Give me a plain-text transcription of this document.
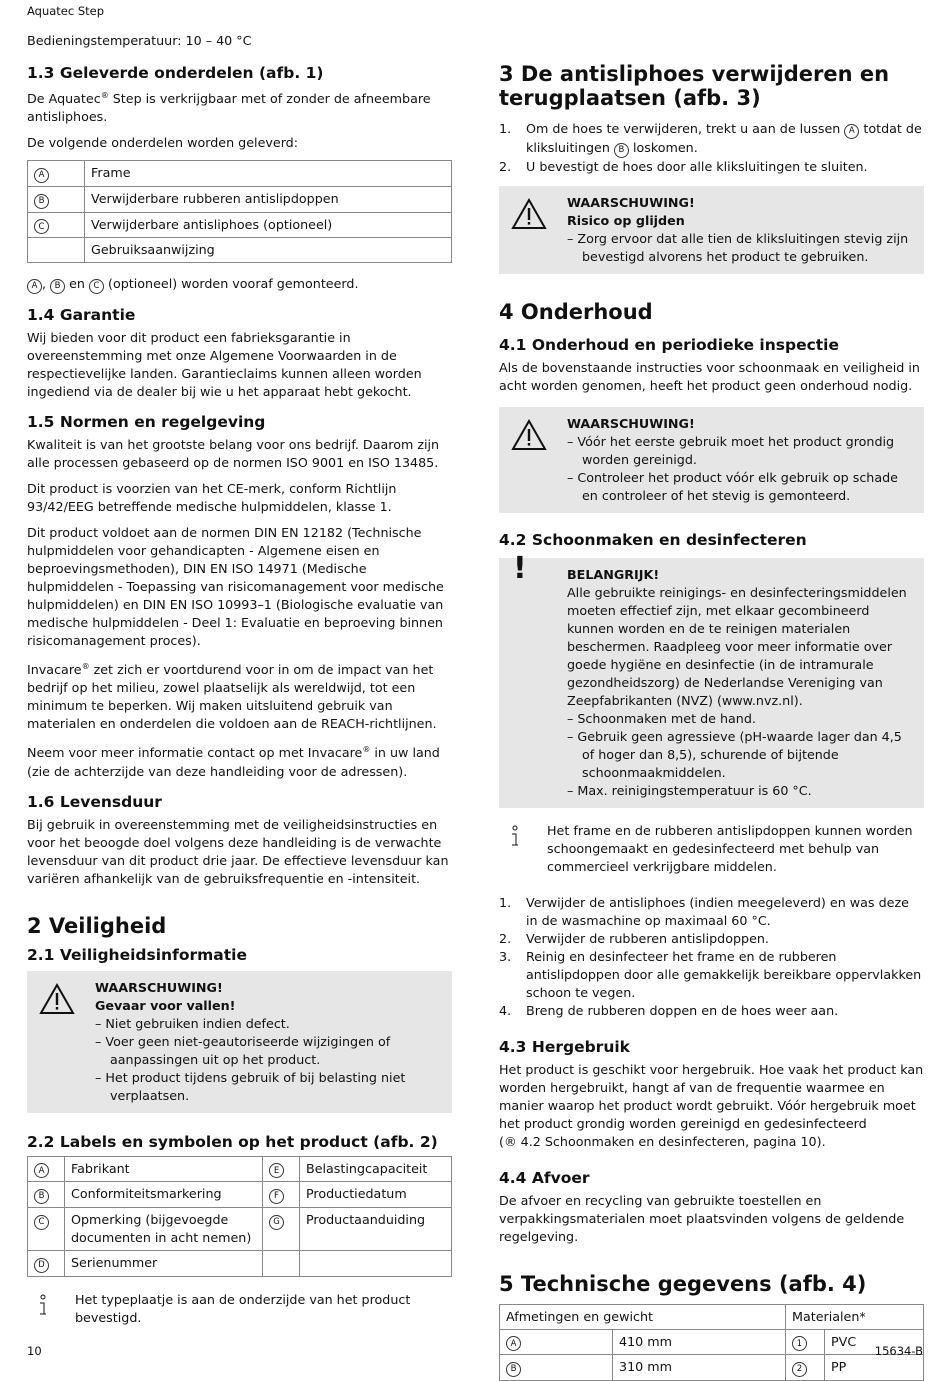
Aquatec Step

Bedieningstemperatuur: 10 – 40 °C

1.3 Geleverde onderdelen (afb. 1)

De Aquatec® Step is verkrijgbaar met of zonder de afneembare antisliphoes.

De volgende onderdelen worden geleverd:

A	Frame
B	Verwijderbare rubberen antislipdoppen
C	Verwijderbare antisliphoes (optioneel)
	Gebruiksaanwijzing

A , B en C (optioneel) worden vooraf gemonteerd.

1.4 Garantie

Wij bieden voor dit product een fabrieksgarantie in overeenstemming met onze Algemene Voorwaarden in de respectievelijke landen. Garantieclaims kunnen alleen worden ingediend via de dealer bij wie u het apparaat hebt gekocht.

1.5 Normen en regelgeving

Kwaliteit is van het grootste belang voor ons bedrijf. Daarom zijn alle processen gebaseerd op de normen ISO 9001 en ISO 13485.

Dit product is voorzien van het CE-merk, conform Richtlijn 93/42/EEG betreffende medische hulpmiddelen, klasse 1.

Dit product voldoet aan de normen DIN EN 12182 (Technische hulpmiddelen voor gehandicapten - Algemene eisen en beproevingsmethoden), DIN EN ISO 14971 (Medische hulpmiddelen - Toepassing van risicomanagement voor medische hulpmiddelen) en DIN EN ISO 10993–1 (Biologische evaluatie van medische hulpmiddelen - Deel 1: Evaluatie en beproeving binnen risicomanagement proces).

Invacare® zet zich er voortdurend voor in om de impact van het bedrijf op het milieu, zowel plaatselijk als wereldwijd, tot een minimum te beperken. Wij maken uitsluitend gebruik van materialen en onderdelen die voldoen aan de REACH-richtlijnen.

Neem voor meer informatie contact op met Invacare® in uw land (zie de achterzijde van deze handleiding voor de adressen).

1.6 Levensduur

Bij gebruik in overeenstemming met de veiligheidsinstructies en voor het beoogde doel volgens deze handleiding is de verwachte levensduur van dit product drie jaar. De effectieve levensduur kan variëren afhankelijk van de gebruiksfrequentie en -intensiteit.

2 Veiligheid
2.1 Veiligheidsinformatie
WAARSCHUWING!
Gevaar voor vallen!
– Niet gebruiken indien defect.
– Voer geen niet-geautoriseerde wijzigingen of aanpassingen uit op het product.
– Het product tijdens gebruik of bij belasting niet verplaatsen.
2.2 Labels en symbolen op het product (afb. 2)
A	Fabrikant	E	Belastingcapaciteit
B	Conformiteitsmarkering	F	Productiedatum
C	Opmerking (bijgevoegde documenten in acht nemen)	G	Productaanduiding
D	Serienummer		
Het typeplaatje is aan de onderzijde van het product bevestigd.
3 De antisliphoes verwijderen en terugplaatsen (afb. 3)
1. Om de hoes te verwijderen, trekt u aan de lussen A totdat de kliksluitingen B loskomen.
2. U bevestigt de hoes door alle kliksluitingen te sluiten.
WAARSCHUWING!
Risico op glijden
– Zorg ervoor dat alle tien de kliksluitingen stevig zijn bevestigd alvorens het product te gebruiken.
4 Onderhoud
4.1 Onderhoud en periodieke inspectie

Als de bovenstaande instructies voor schoonmaak en veiligheid in acht worden genomen, heeft het product geen onderhoud nodig.

WAARSCHUWING!
– Vóór het eerste gebruik moet het product grondig worden gereinigd.
– Controleer het product vóór elk gebruik op schade en controleer of het stevig is gemonteerd.
4.2 Schoonmaken en desinfecteren
!	BELANGRIJK!
Alle gebruikte reinigings- en desinfecteringsmiddelen moeten effectief zijn, met elkaar gecombineerd kunnen worden en de te reinigen materialen beschermen. Raadpleeg voor meer informatie over goede hygiëne en desinfectie (in de intramurale gezondheidszorg) de Nederlandse Vereniging van Zeepfabrikanten (NVZ) (www.nvz.nl).
– Schoonmaken met de hand.
– Gebruik geen agressieve (pH-waarde lager dan 4,5 of hoger dan 8,5), schurende of bijtende schoonmaakmiddelen.
– Max. reinigingstemperatuur is 60 °C.
Het frame en de rubberen antislipdoppen kunnen worden schoongemaakt en gedesinfecteerd met behulp van commercieel verkrijgbare middelen.
1. Verwijder de antisliphoes (indien meegeleverd) en was deze in de wasmachine op maximaal 60 °C.
2. Verwijder de rubberen antislipdoppen.
3. Reinig en desinfecteer het frame en de rubberen antislipdoppen door alle gemakkelijk bereikbare oppervlakken schoon te vegen.
4. Breng de rubberen doppen en de hoes weer aan.
4.3 Hergebruik

Het product is geschikt voor hergebruik. Hoe vaak het product kan worden hergebruikt, hangt af van de frequentie waarmee en manier waarop het product wordt gebruikt. Vóór hergebruik moet het product grondig worden gereinigd en gedesinfecteerd
(® 4.2 Schoonmaken en desinfecteren, pagina 10).

4.4 Afvoer

De afvoer en recycling van gebruikte toestellen en verpakkingsmaterialen moet plaatsvinden volgens de geldende regelgeving.

5 Technische gegevens (afb. 4)
Afmetingen en gewicht		Materialen*	
A	410 mm	1	PVC
B	310 mm	2	PP
10	15634-B
